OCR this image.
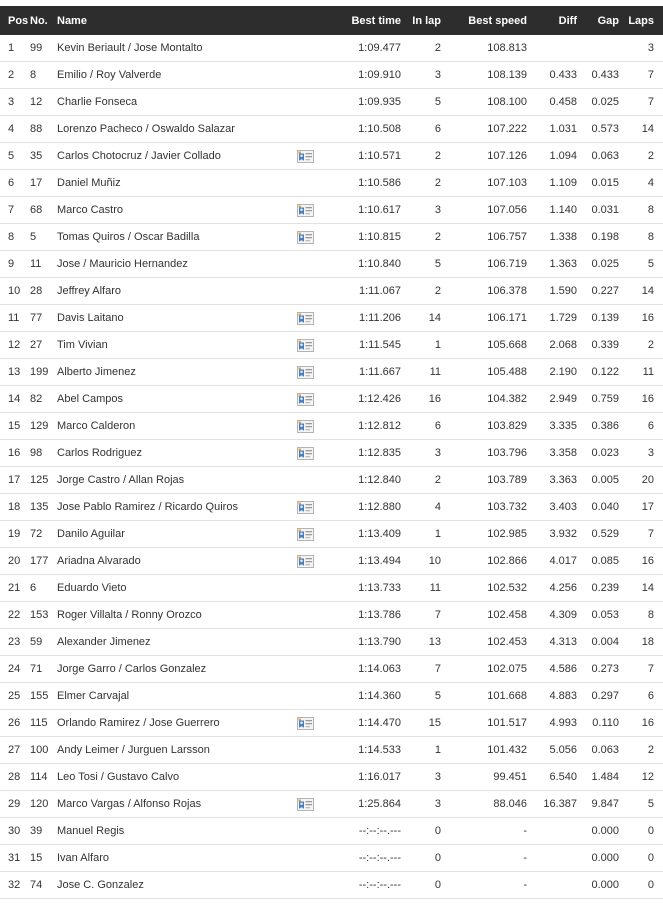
Pos	No.	Name		Best time	In lap	Best speed	Diff	Gap	Laps
1	99	Kevin Beriault / Jose Montalto		1:09.477	2	108.813			3
2	8	Emilio / Roy Valverde		1:09.910	3	108.139	0.433	0.433	7
3	12	Charlie Fonseca		1:09.935	5	108.100	0.458	0.025	7
4	88	Lorenzo Pacheco / Oswaldo Salazar		1:10.508	6	107.222	1.031	0.573	14
5	35	Carlos Chotocruz / Javier Collado		1:10.571	2	107.126	1.094	0.063	2
6	17	Daniel Muñiz		1:10.586	2	107.103	1.109	0.015	4
7	68	Marco Castro		1:10.617	3	107.056	1.140	0.031	8
8	5	Tomas Quiros / Oscar Badilla		1:10.815	2	106.757	1.338	0.198	8
9	11	Jose / Mauricio Hernandez		1:10.840	5	106.719	1.363	0.025	5
10	28	Jeffrey Alfaro		1:11.067	2	106.378	1.590	0.227	14
11	77	Davis Laitano		1:11.206	14	106.171	1.729	0.139	16
12	27	Tim Vivian		1:11.545	1	105.668	2.068	0.339	2
13	199	Alberto Jimenez		1:11.667	11	105.488	2.190	0.122	11
14	82	Abel Campos		1:12.426	16	104.382	2.949	0.759	16
15	129	Marco Calderon		1:12.812	6	103.829	3.335	0.386	6
16	98	Carlos Rodriguez		1:12.835	3	103.796	3.358	0.023	3
17	125	Jorge Castro / Allan Rojas		1:12.840	2	103.789	3.363	0.005	20
18	135	Jose Pablo Ramirez / Ricardo Quiros		1:12.880	4	103.732	3.403	0.040	17
19	72	Danilo Aguilar		1:13.409	1	102.985	3.932	0.529	7
20	177	Ariadna Alvarado		1:13.494	10	102.866	4.017	0.085	16
21	6	Eduardo Vieto		1:13.733	11	102.532	4.256	0.239	14
22	153	Roger Villalta / Ronny Orozco		1:13.786	7	102.458	4.309	0.053	8
23	59	Alexander Jimenez		1:13.790	13	102.453	4.313	0.004	18
24	71	Jorge Garro / Carlos Gonzalez		1:14.063	7	102.075	4.586	0.273	7
25	155	Elmer Carvajal		1:14.360	5	101.668	4.883	0.297	6
26	115	Orlando Ramirez / Jose Guerrero		1:14.470	15	101.517	4.993	0.110	16
27	100	Andy Leimer / Jurguen Larsson		1:14.533	1	101.432	5.056	0.063	2
28	114	Leo Tosi / Gustavo Calvo		1:16.017	3	99.451	6.540	1.484	12
29	120	Marco Vargas / Alfonso Rojas		1:25.864	3	88.046	16.387	9.847	5
30	39	Manuel Regis		--:--:--.---	0	-		0.000	0
31	15	Ivan Alfaro		--:--:--.---	0	-		0.000	0
32	74	Jose C. Gonzalez		--:--:--.---	0	-		0.000	0
